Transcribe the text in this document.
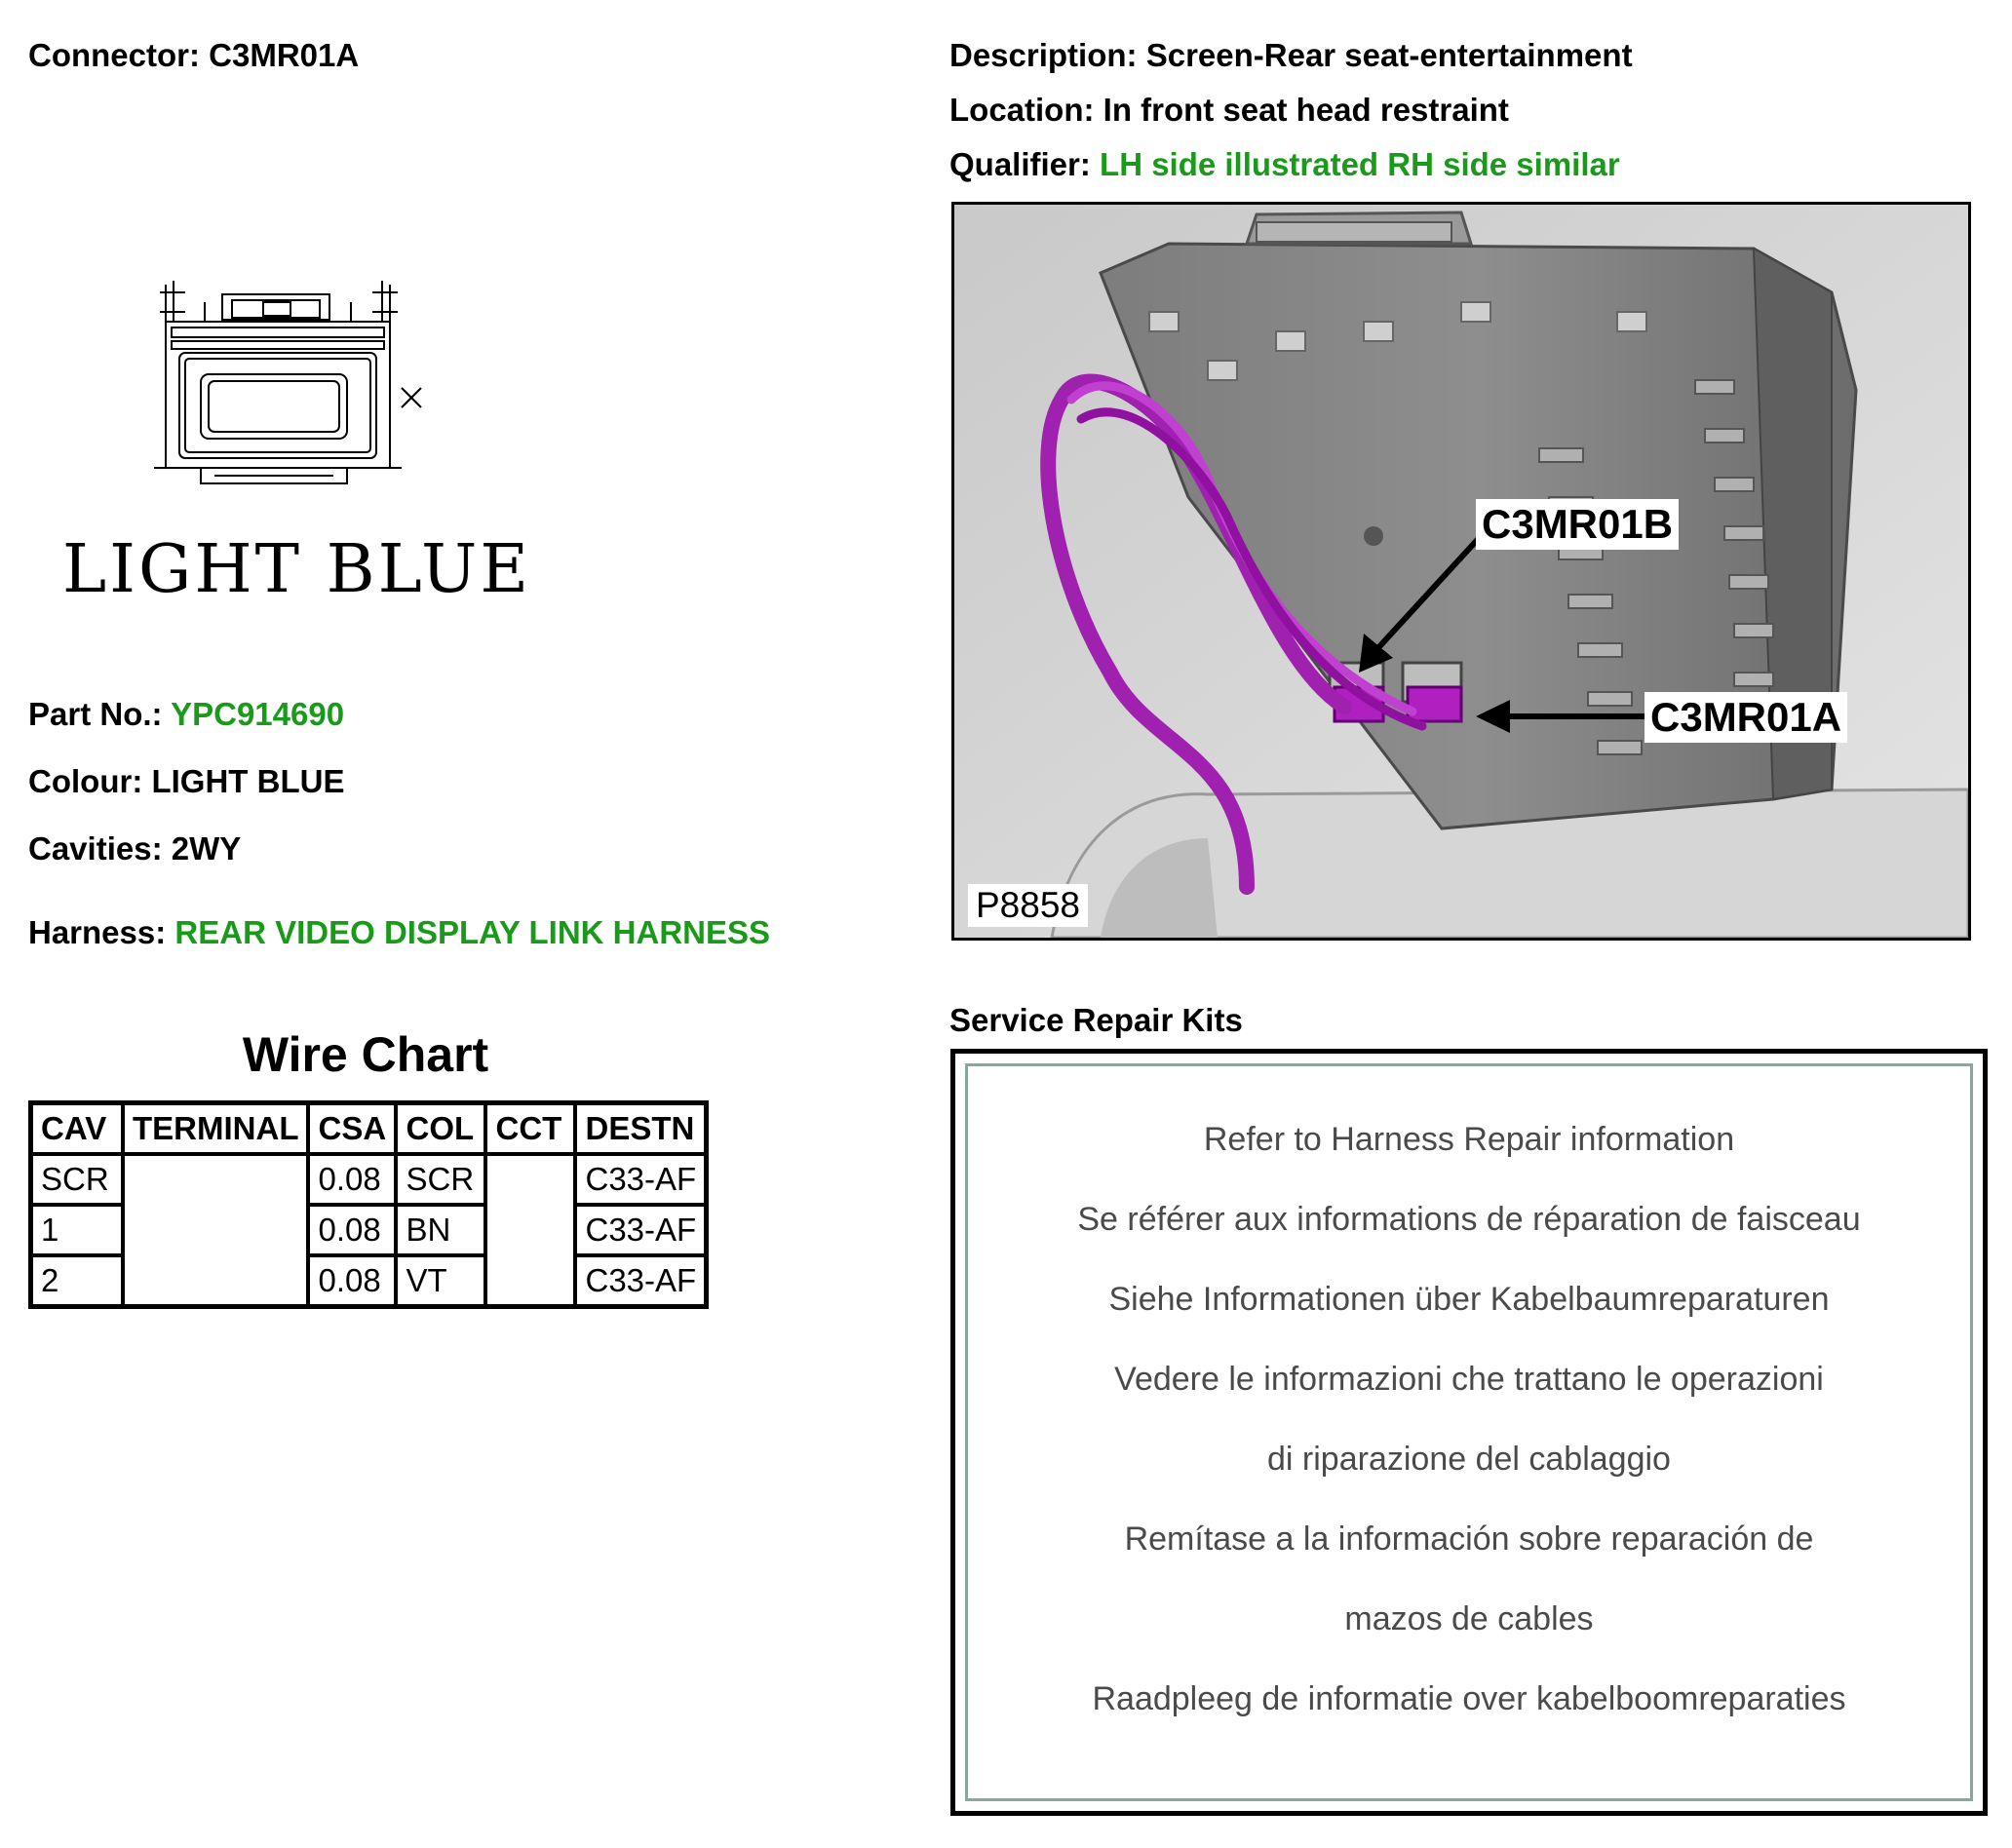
Connector: C3MR01A
LIGHT BLUE
Part No.: YPC914690
Colour: LIGHT BLUE
Cavities: 2WY
Harness: REAR VIDEO DISPLAY LINK HARNESS
Wire Chart
CAV	TERMINAL	CSA	COL	CCT	DESTN
SCR		0.08	SCR		C33-AF
1		0.08	BN		C33-AF
2		0.08	VT		C33-AF
Description: Screen-Rear seat-entertainment
Location: In front seat head restraint
Qualifier: LH side illustrated RH side similar
C3MR01B
C3MR01A
P8858
Service Repair Kits
Refer to Harness Repair information
Se référer aux informations de réparation de faisceau
Siehe Informationen über Kabelbaumreparaturen
Vedere le informazioni che trattano le operazioni
di riparazione del cablaggio
Remítase a la información sobre reparación de
mazos de cables
Raadpleeg de informatie over kabelboomreparaties
